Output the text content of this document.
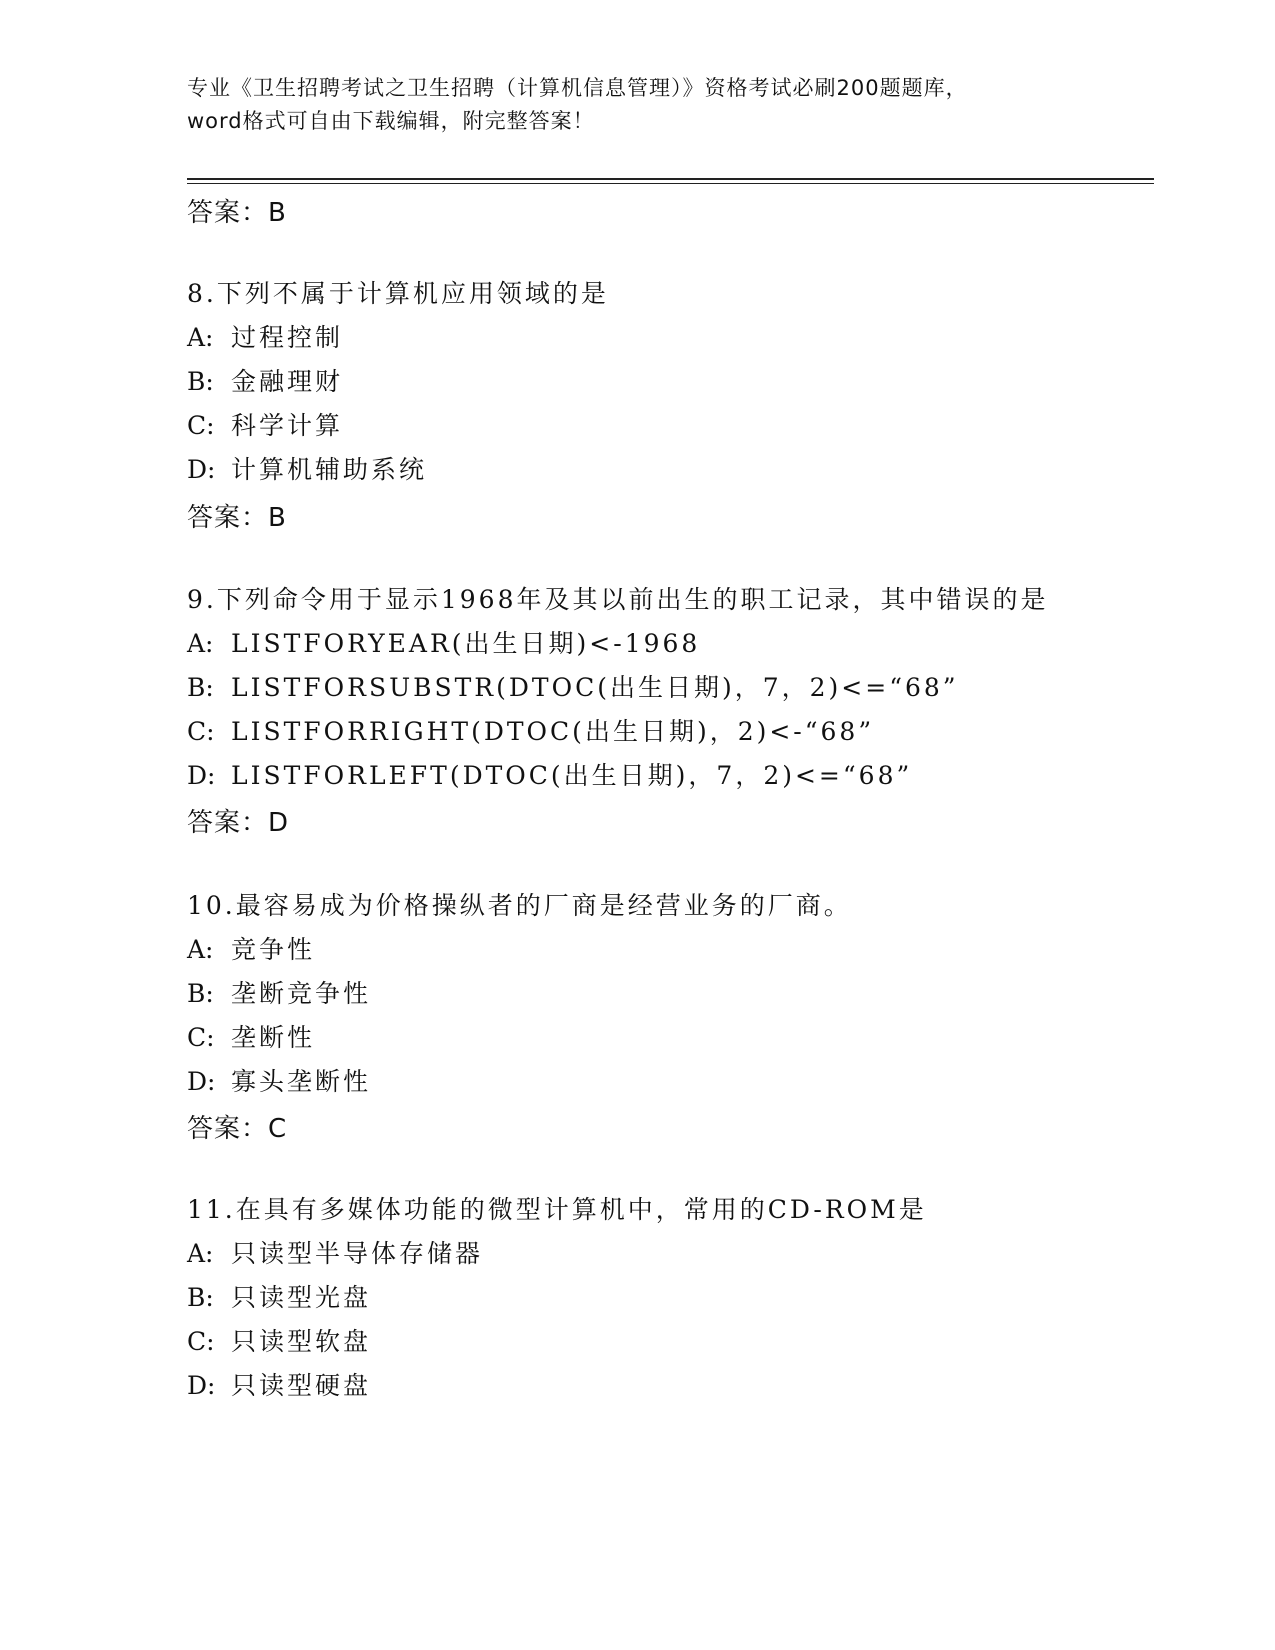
专业《卫生招聘考试之卫生招聘（计算机信息管理）》资格考试必刷200题题库，
word格式可自由下载编辑，附完整答案！
答案：B
8.下列不属于计算机应用领域的是
A: 过程控制
B: 金融理财
C: 科学计算
D: 计算机辅助系统
答案：B
9.下列命令用于显示1968年及其以前出生的职工记录，其中错误的是
A: LISTFORYEAR(出生日期)<-1968
B: LISTFORSUBSTR(DTOC(出生日期)，7，2)<=“68”
C: LISTFORRIGHT(DTOC(出生日期)，2)<-“68”
D: LISTFORLEFT(DTOC(出生日期)，7，2)<=“68”
答案：D
10.最容易成为价格操纵者的厂商是经营业务的厂商。
A: 竞争性
B: 垄断竞争性
C: 垄断性
D: 寡头垄断性
答案：C
11.在具有多媒体功能的微型计算机中，常用的CD-ROM是
A: 只读型半导体存储器
B: 只读型光盘
C: 只读型软盘
D: 只读型硬盘
